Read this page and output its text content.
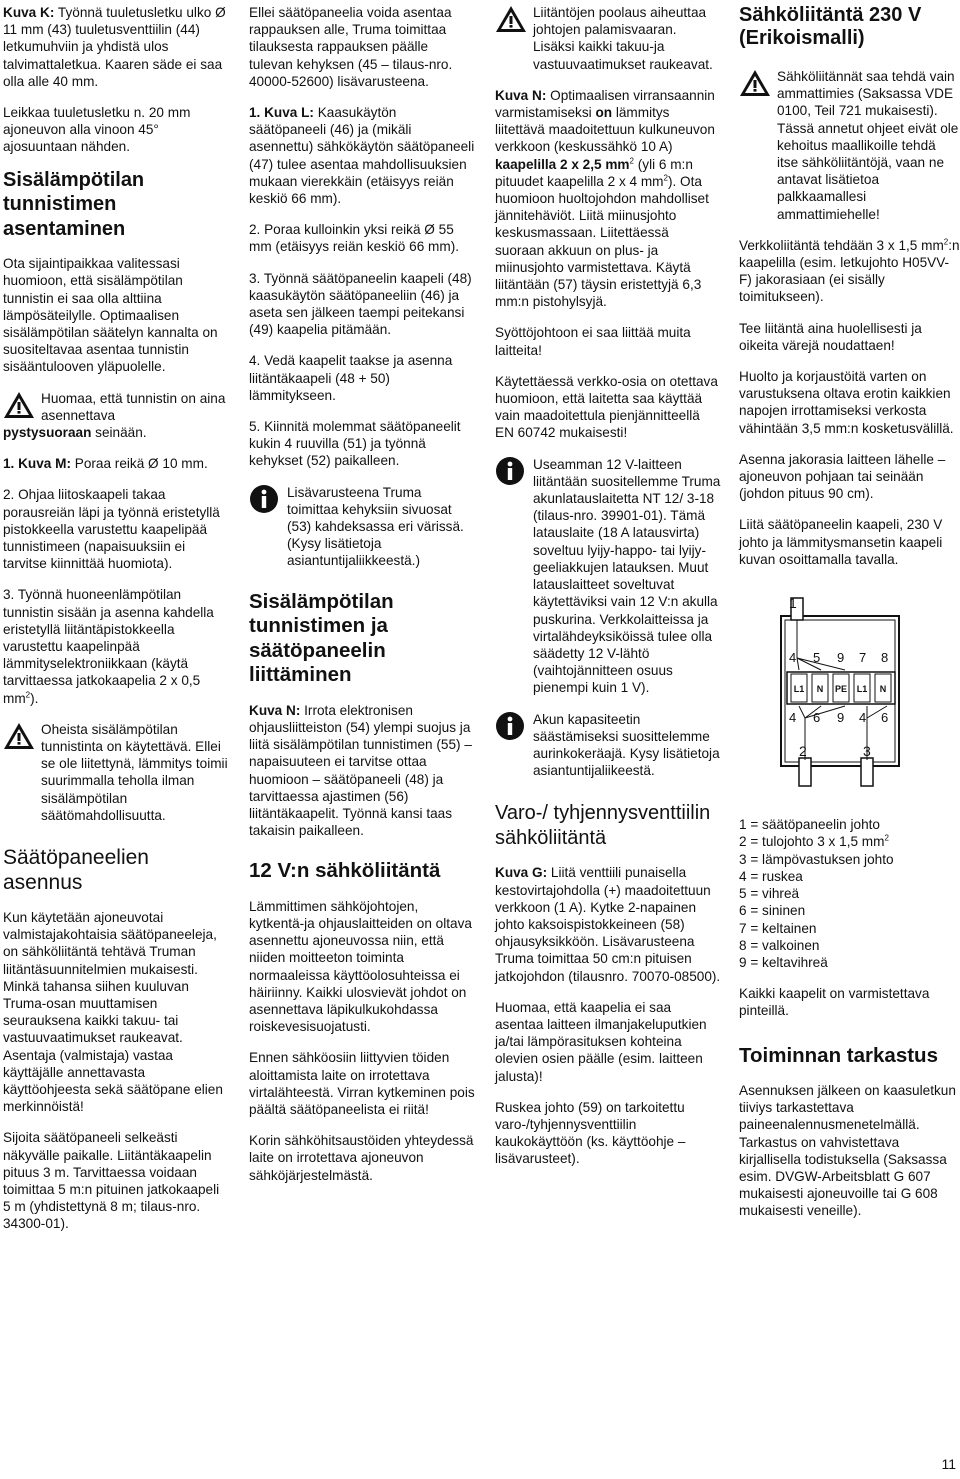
Kuva K: Työnnä tuuletusletku ulko Ø 11 mm (43) tuuletusventtiilin (44) letkumuhviin ja yhdistä ulos talvimattaletkua. Kaaren säde ei saa olla alle 40 mm.

Leikkaa tuuletusletku n. 20 mm ajoneuvon alla vinoon 45° ajosuuntaan nähden.

Sisälämpötilan tunnistimen asentaminen

Ota sijaintipaikkaa valitessasi huomioon, että sisälämpötilan tunnistin ei saa olla alttiina lämpösäteilylle. Optimaalisen sisälämpötilan säätelyn kannalta on suositeltavaa asentaa tunnistin sisääntulooven yläpuolelle.

Huomaa, että tunnistin on aina asennettava

pystysuoraan seinään.

1. Kuva M: Poraa reikä Ø 10 mm.

2. Ohjaa liitoskaapeli takaa porausreiän läpi ja työnnä eristetyllä pistokkeella varustettu kaapelipää tunnistimeen (napaisuuksiin ei tarvitse kiinnittää huomiota).

3. Työnnä huoneenlämpötilan tunnistin sisään ja asenna kahdella eristetyllä liitäntäpistokkeella varustettu kaapelinpää lämmityselektroniikkaan (käytä tarvittaessa jatkokaapelia 2 x 0,5 $mm^2$).

Oheista sisälämpötilan tunnistinta on käytettävä. Ellei se ole liitettynä, lämmitys toimii suurimmalla teholla ilman sisälämpötilan säätömahdollisuutta.

Säätöpaneelien asennus

Kun käytetään ajoneuvotai valmistajakohtaisia säätöpaneeleja, on sähköliitäntä tehtävä Truman liitäntäsuunnitelmien mukaisesti. Minkä tahansa siihen kuuluvan Truma-osan muuttamisen seurauksena kaikki takuu- tai vastuuvaatimukset raukeavat. Asentaja (valmistaja) vastaa käyttäjälle annettavasta käyttöohjeesta sekä säätöpane elien merkinnöistä!

Sijoita säätöpaneeli selkeästi näkyvälle paikalle. Liitäntäkaapelin pituus 3 m. Tarvittaessa voidaan toimittaa 5 m:n pituinen jatkokaapeli 5 m (yhdistettynä 8 m; tilaus-nro. 34300-01).

Ellei säätöpaneelia voida asentaa rappauksen alle, Truma toimittaa tilauksesta rappauksen päälle tulevan kehyksen (45 – tilaus-nro. 40000-52600) lisävarusteena.

1. Kuva L: Kaasukäytön säätöpaneeli (46) ja (mikäli asennettu) sähkökäytön säätöpaneeli (47) tulee asentaa mahdollisuuksien mukaan vierekkäin (etäisyys reiän keskiö 66 mm).

2. Poraa kulloinkin yksi reikä Ø 55 mm (etäisyys reiän keskiö 66 mm).

3. Työnnä säätöpaneelin kaapeli (48) kaasukäytön säätöpaneeliin (46) ja aseta sen jälkeen taempi peitekansi (49) kaapelia pitämään.

4. Vedä kaapelit taakse ja asenna liitäntäkaapeli (48 + 50) lämmitykseen.

5. Kiinnitä molemmat säätöpaneelit kukin 4 ruuvilla (51) ja työnnä kehykset (52) paikalleen.

Lisävarusteena Truma toimittaa kehyksiin sivuosat (53) kahdeksassa eri värissä. (Kysy lisätietoja asiantuntijaliikkeestä.)

Sisälämpötilan tunnistimen ja säätöpaneelin liittäminen

Kuva N: Irrota elektronisen ohjausliitteiston (54) ylempi suojus ja liitä sisälämpötilan tunnistimen (55) – napaisuuteen ei tarvitse ottaa huomioon – säätöpaneeli (48) ja tarvittaessa ajastimen (56) liitäntäkaapelit. Työnnä kansi taas takaisin paikalleen.

12 V:n sähköliitäntä

Lämmittimen sähköjohtojen, kytkentä-ja ohjauslaitteiden on oltava asennettu ajoneuvossa niin, että niiden moitteeton toiminta normaaleissa käyttöolosuhteissa ei häiriinny. Kaikki ulosvievät johdot on asennettava läpikulkukohdassa roiskevesisuojatusti.

Ennen sähköosiin liittyvien töiden aloittamista laite on irrotettava virtalähteestä. Virran kytkeminen pois päältä säätöpaneelista ei riitä!

Korin sähköhitsaustöiden yhteydessä laite on irrotettava ajoneuvon sähköjärjestelmästä.

Liitäntöjen poolaus aiheuttaa johtojen palamisvaaran. Lisäksi kaikki takuu-ja vastuuvaatimukset raukeavat.

Kuva N: Optimaalisen virransaannin varmistamiseksi on lämmitys liitettävä maadoitettuun kulkuneuvon verkkoon (keskussähkö 10 A) kaapelilla 2 x 2,5 $mm^2$ (yli 6 m:n pituudet kaapelilla 2 x 4 $mm^2$). Ota huomioon huoltojohdon mahdolliset jännitehäviöt. Liitä miinusjohto keskusmassaan. Liitettäessä suoraan akkuun on plus- ja miinusjohto varmistettava. Käytä liitäntään (57) täysin eristettyjä 6,3 mm:n pistohylsyjä.

Syöttöjohtoon ei saa liittää muita laitteita!

Käytettäessä verkko-osia on otettava huomioon, että laitetta saa käyttää vain maadoitettula pienjännitteellä EN 60742 mukaisesti!

Useamman 12 V-laitteen liitäntään suositellemme Truma akunlatauslaitetta NT 12/ 3-18 (tilaus-nro. 39901-01). Tämä latauslaite (18 A latausvirta) soveltuu lyijy-happo- tai lyijy-geeliakkujen latauksen. Muut latauslaitteet soveltuvat käytettäviksi vain 12 V:n akulla puskurina. Verkkolaitteissa ja virtalähdeyksiköissä tulee olla säädetty 12 V-lähtö (vaihtojännitteen osuus pienempi kuin 1 V).

Akun kapasiteetin säästämiseksi suosittelemme aurinkokeräajä. Kysy lisätietoja asiantuntijaliikeestä.

Varo-/ tyhjennysventtiilin sähköliitäntä

Kuva G: Liitä venttiili punaisella kestovirtajohdolla (+) maadoitettuun verkkoon (1 A). Kytke 2-napainen johto kaksoispistokkeineen (58) ohjausyksikköön. Lisävarusteena Truma toimittaa 50 cm:n pituisen jatkojohdon (tilausnro. 70070-08500).

Huomaa, että kaapelia ei saa asentaa laitteen ilmanjakeluputkien ja/tai lämpörasituksen kohteina olevien osien päälle (esim. laitteen jalusta)!

Ruskea johto (59) on tarkoitettu varo-/tyhjennysventtiilin kaukokäyttöön (ks. käyttöohje – lisävarusteet).

Sähköliitäntä 230 V (Erikoismalli)

Sähköliitännät saa tehdä vain ammattimies (Saksassa VDE 0100, Teil 721 mukaisesti). Tässä annetut ohjeet eivät ole kehoitus maallikoille tehdä itse sähköliitäntöjä, vaan ne antavat lisätietoa palkkaamallesi ammattimiehelle!

Verkkoliitäntä tehdään 3 x 1,5 $mm^2:n$ kaapelilla (esim. letkujohto H05VV-F) jakorasiaan (ei sisälly toimitukseen).

Tee liitäntä aina huolellisesti ja oikeita värejä noudattaen!

Huolto ja korjaustöitä varten on varustuksena oltava erotin kaikkien napojen irrottamiseksi verkosta vähintään 3,5 mm:n kosketusvälillä.

Asenna jakorasia laitteen lähelle – ajoneuvon pohjaan tai seinään (johdon pituus 90 cm).

Liitä säätöpaneelin kaapeli, 230 V johto ja lämmitysmansetin kaapeli kuvan osoittamalla tavalla.

1
4 5 9 7 8
L1 N PE L1 N
4 6 9 4 6
2	3

1 = säätöpaneelin johto

2 = tulojohto 3 x 1,5 $mm^2$

3 = lämpövastuksen johto

4 = ruskea

5 = vihreä

6 = sininen

7 = keltainen

8 = valkoinen

9 = keltavihreä

Kaikki kaapelit on varmistettava pinteillä.

Toiminnan tarkastus

Asennuksen jälkeen on kaasuletkun tiiviys tarkastettava paineenalennusmenetelmällä. Tarkastus on vahvistettava kirjallisella todistuksella (Saksassa esim. DVGW-Arbeitsblatt G 607 mukaisesti ajoneuvoille tai G 608 mukaisesti veneille).

11
